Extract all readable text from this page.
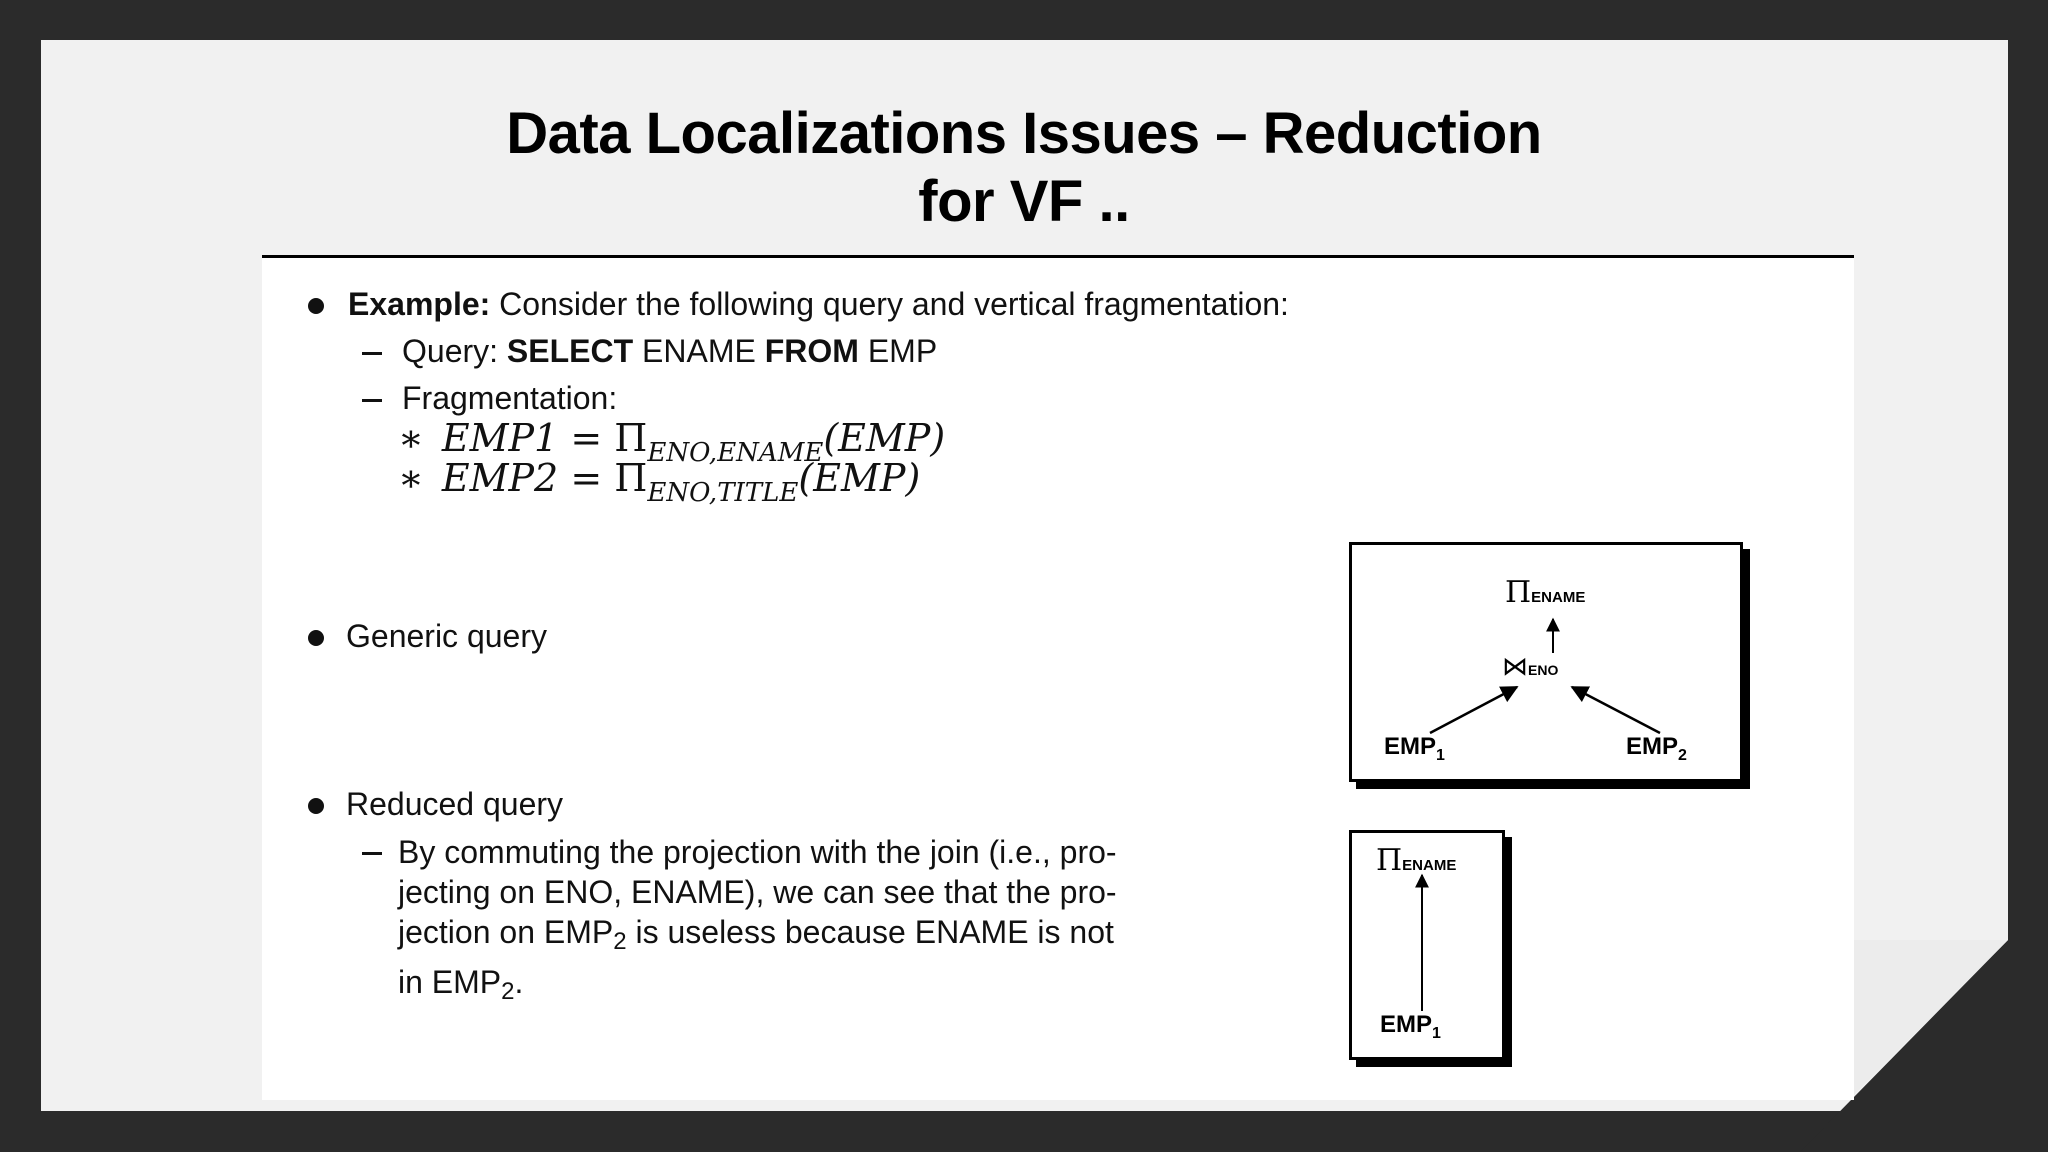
Data Localizations Issues – Reduction
for VF ..
Example: Consider the following query and vertical fragmentation:
Query: SELECT ENAME FROM EMP
Fragmentation:
∗ $EMP1 = \Pi_{ENO,ENAME}(EMP)$
∗ $EMP2 = \Pi_{ENO,TITLE}(EMP)$
Generic query
ΠENAME
⋈ENO
$EMP_1$	$EMP_2$
Reduced query
By commuting the projection with the join (i.e., pro-
jecting on ENO, ENAME), we can see that the pro-
jection on $EMP_2$ is useless because ENAME is not
in $EMP_2$.
ΠENAME
$EMP_1$
